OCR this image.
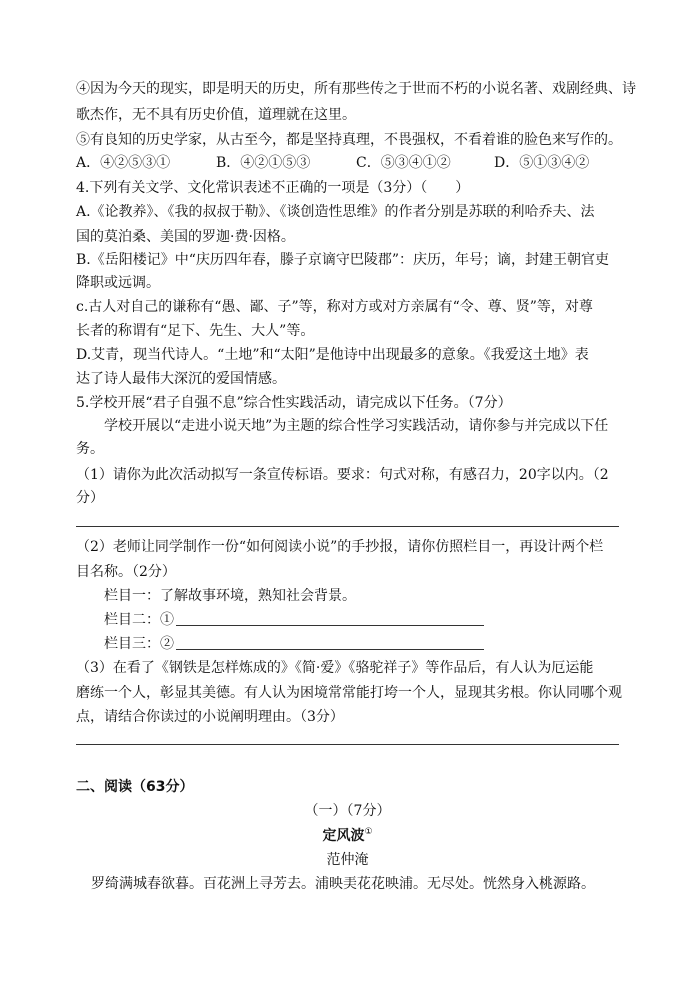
④因为今天的现实，即是明天的历史，所有那些传之于世而不朽的小说名著、戏剧经典、诗
歌杰作，无不具有历史价值，道理就在这里。
⑤有良知的历史学家，从古至今，都是坚持真理，不畏强权，不看着谁的脸色来写作的。
A．④②⑤③①	B．④②①⑤③	C．⑤③④①②	D．⑤①③④②
4.下列有关文学、文化常识表述不正确的一项是（3分）（　　）
A.《论教养》、《我的叔叔于勒》、《谈创造性思维》的作者分别是苏联的利哈乔夫、法
国的莫泊桑、美国的罗迦·费·因格。
B.《岳阳楼记》中“庆历四年春，滕子京谪守巴陵郡”：庆历，年号；谪，封建王朝官吏
降职或远调。
c.古人对自己的谦称有“愚、鄙、子”等，称对方或对方亲属有“令、尊、贤”等，对尊
长者的称谓有“足下、先生、大人”等。
D.艾青，现当代诗人。“土地”和“太阳”是他诗中出现最多的意象。《我爱这土地》表
达了诗人最伟大深沉的爱国情感。
5.学校开展“君子自强不息”综合性实践活动，请完成以下任务。（7分）
学校开展以“走进小说天地”为主题的综合性学习实践活动，请你参与并完成以下任
务。
（1）请你为此次活动拟写一条宣传标语。要求：句式对称，有感召力，20字以内。（2
分）
（2）老师让同学制作一份“如何阅读小说”的手抄报，请你仿照栏目一，再设计两个栏
目名称。（2分）
栏目一：了解故事环境，熟知社会背景。
栏目二：①
栏目三：②
（3）在看了《钢铁是怎样炼成的》《简·爱》《骆驼祥子》等作品后，有人认为厄运能
磨练一个人，彰显其美德。有人认为困境常常能打垮一个人，显现其劣根。你认同哪个观
点，请结合你读过的小说阐明理由。（3分）
二、阅读（63分）
（一）（7分）
定风波①
范仲淹
罗绮满城春欲暮。百花洲上寻芳去。浦映㺯花花映浦。无尽处。恍然身入桃源路。
